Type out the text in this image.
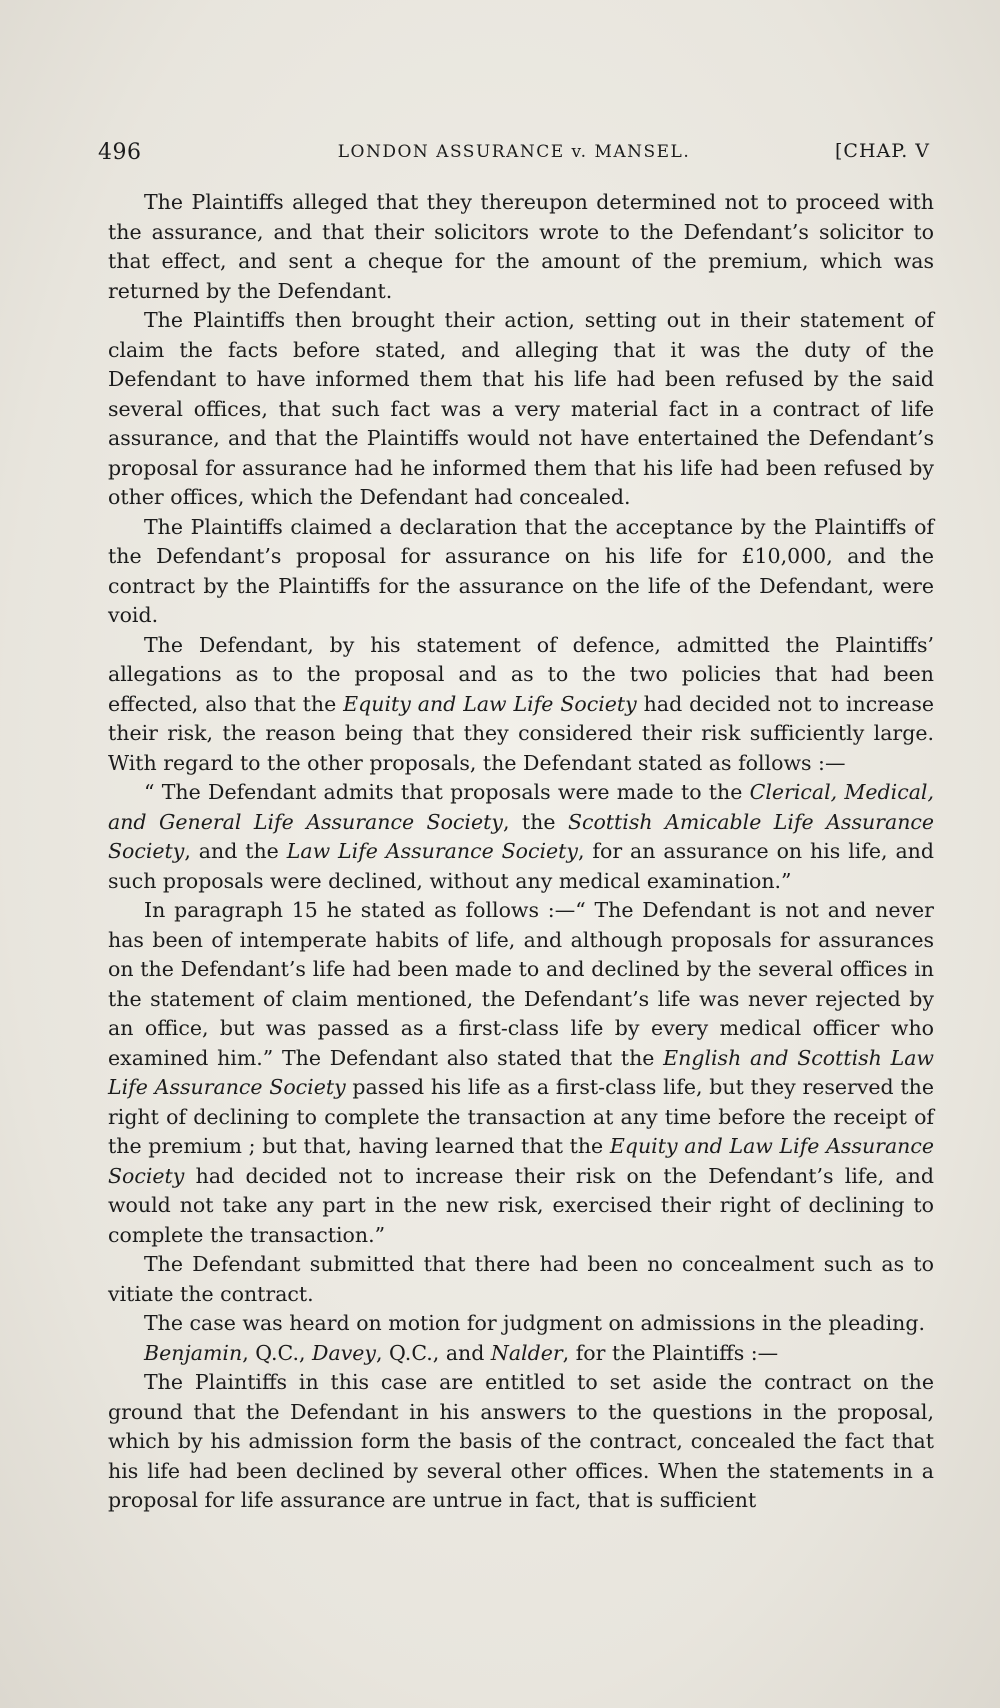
496	LONDON ASSURANCE v. MANSEL.	[CHAP. V

The Plaintiffs alleged that they thereupon determined not to proceed with the assurance, and that their solicitors wrote to the Defendant’s solicitor to that effect, and sent a cheque for the amount of the premium, which was returned by the Defendant.

The Plaintiffs then brought their action, setting out in their statement of claim the facts before stated, and alleging that it was the duty of the Defendant to have informed them that his life had been refused by the said several offices, that such fact was a very material fact in a contract of life assurance, and that the Plaintiffs would not have entertained the Defendant’s proposal for assurance had he informed them that his life had been refused by other offices, which the Defendant had concealed.

The Plaintiffs claimed a declaration that the acceptance by the Plaintiffs of the Defendant’s proposal for assurance on his life for £10,000, and the contract by the Plaintiffs for the assurance on the life of the Defendant, were void.

The Defendant, by his statement of defence, admitted the Plaintiffs’ allegations as to the proposal and as to the two policies that had been effected, also that the Equity and Law Life Society had decided not to increase their risk, the reason being that they considered their risk sufficiently large. With regard to the other proposals, the Defendant stated as follows :—

“ The Defendant admits that proposals were made to the Clerical, Medical, and General Life Assurance Society, the Scottish Amicable Life Assurance Society, and the Law Life Assurance Society, for an assurance on his life, and such proposals were declined, without any medical examination.”

In paragraph 15 he stated as follows :—“ The Defendant is not and never has been of intemperate habits of life, and although proposals for assurances on the Defendant’s life had been made to and declined by the several offices in the statement of claim mentioned, the Defendant’s life was never rejected by an office, but was passed as a first-class life by every medical officer who examined him.” The Defendant also stated that the English and Scottish Law Life Assurance Society passed his life as a first-class life, but they reserved the right of declining to complete the transaction at any time before the receipt of the premium ; but that, having learned that the Equity and Law Life Assurance Society had decided not to increase their risk on the Defendant’s life, and would not take any part in the new risk, exercised their right of declining to complete the transaction.”

The Defendant submitted that there had been no concealment such as to vitiate the contract.

The case was heard on motion for judgment on admissions in the pleading.

Benjamin, Q.C., Davey, Q.C., and Nalder, for the Plaintiffs :—

The Plaintiffs in this case are entitled to set aside the contract on the ground that the Defendant in his answers to the questions in the proposal, which by his admission form the basis of the contract, concealed the fact that his life had been declined by several other offices. When the statements in a proposal for life assurance are untrue in fact, that is sufficient
